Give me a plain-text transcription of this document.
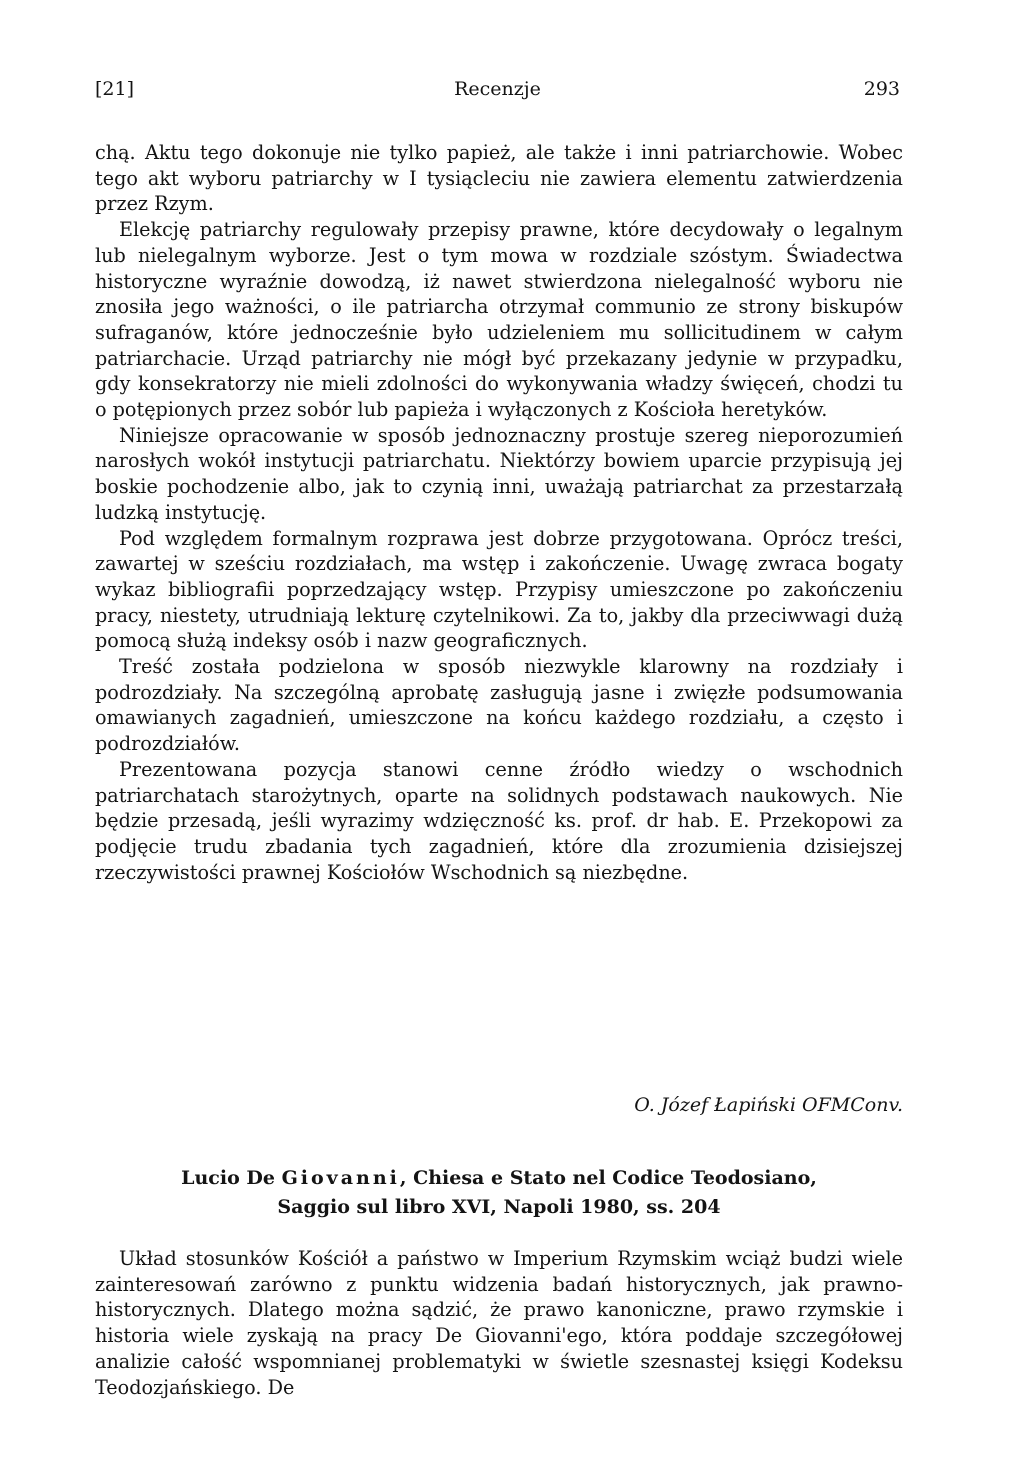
[21]	Recenzje	293

chą. Aktu tego dokonuje nie tylko papież, ale także i inni patriarchowie. Wobec tego akt wyboru patriarchy w I tysiącleciu nie zawiera elementu zatwierdzenia przez Rzym.

Elekcję patriarchy regulowały przepisy prawne, które decydowały o legalnym lub nielegalnym wyborze. Jest o tym mowa w rozdziale szóstym. Świadectwa historyczne wyraźnie dowodzą, iż nawet stwierdzona nielegalność wyboru nie znosiła jego ważności, o ile patriarcha otrzymał communio ze strony biskupów sufraganów, które jednocześnie było udzieleniem mu sollicitudinem w całym patriarchacie. Urząd patriarchy nie mógł być przekazany jedynie w przypadku, gdy konsekratorzy nie mieli zdolności do wykonywania władzy święceń, chodzi tu o potępionych przez sobór lub papieża i wyłączonych z Kościoła heretyków.

Niniejsze opracowanie w sposób jednoznaczny prostuje szereg nieporozumień narosłych wokół instytucji patriarchatu. Niektórzy bowiem uparcie przypisują jej boskie pochodzenie albo, jak to czynią inni, uważają patriarchat za przestarzałą ludzką instytucję.

Pod względem formalnym rozprawa jest dobrze przygotowana. Oprócz treści, zawartej w sześciu rozdziałach, ma wstęp i zakończenie. Uwagę zwraca bogaty wykaz bibliografii poprzedzający wstęp. Przypisy umieszczone po zakończeniu pracy, niestety, utrudniają lekturę czytelnikowi. Za to, jakby dla przeciwwagi dużą pomocą służą indeksy osób i nazw geograficznych.

Treść została podzielona w sposób niezwykle klarowny na rozdziały i podrozdziały. Na szczególną aprobatę zasługują jasne i zwięzłe podsumowania omawianych zagadnień, umieszczone na końcu każdego rozdziału, a często i podrozdziałów.

Prezentowana pozycja stanowi cenne źródło wiedzy o wschodnich patriarchatach starożytnych, oparte na solidnych podstawach naukowych. Nie będzie przesadą, jeśli wyrazimy wdzięczność ks. prof. dr hab. E. Przekopowi za podjęcie trudu zbadania tych zagadnień, które dla zrozumienia dzisiejszej rzeczywistości prawnej Kościołów Wschodnich są niezbędne.

O. Józef Łapiński OFMConv.
Lucio De Giovanni, Chiesa e Stato nel Codice Teodosiano,
Saggio sul libro XVI, Napoli 1980, ss. 204

Układ stosunków Kościół a państwo w Imperium Rzymskim wciąż budzi wiele zainteresowań zarówno z punktu widzenia badań historycznych, jak prawno-historycznych. Dlatego można sądzić, że prawo kanoniczne, prawo rzymskie i historia wiele zyskają na pracy De Giovanni'ego, która poddaje szczegółowej analizie całość wspomnianej problematyki w świetle szesnastej księgi Kodeksu Teodozjańskiego. De
